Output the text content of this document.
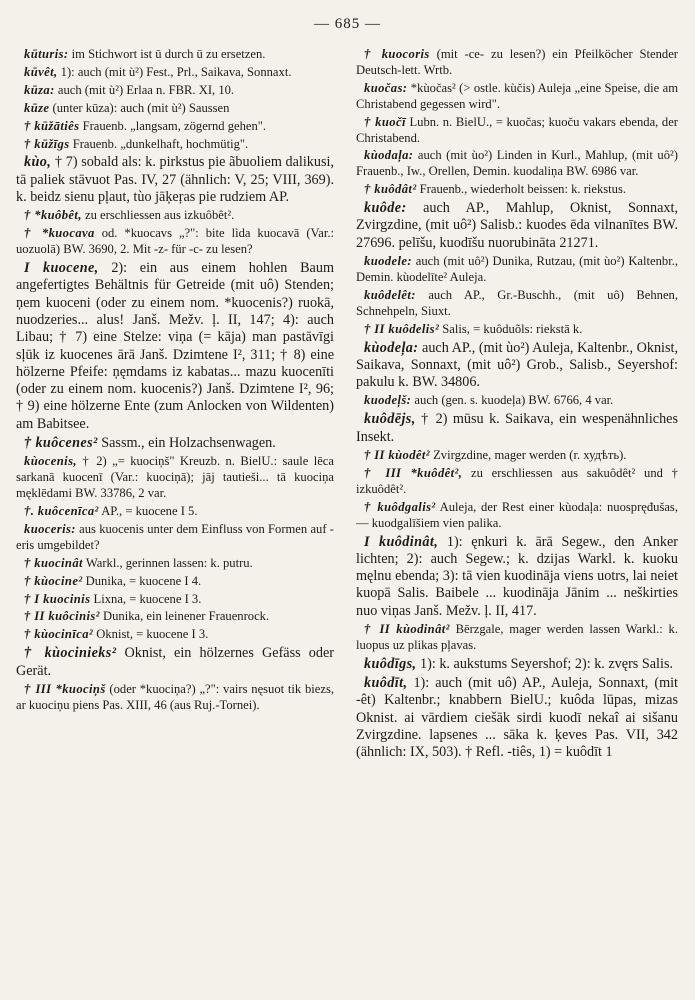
— 685 —

kūturis: im Stichwort ist ū durch ū zu ersetzen.

kūvêt, 1): auch (mit ù²) Fest., Prl., Saikava, Sonnaxt.

kūza: auch (mit ù²) Erlaa n. FBR. XI, 10.

kūze (unter kūza): auch (mit ù²) Saussen

† kūžātiês Frauenb. „langsam, zögernd gehen".

† kūžīgs Frauenb. „dunkelhaft, hochmütig".

kùo, † 7) sobald als: k. pirkstus pie ãbuoliem dalikusi, tā paliek stāvuot Pas. IV, 27 (ähnlich: V, 25; VIII, 369). k. beidz sienu pļaut, tùo jāķeŗas pie rudziem AP.

† *kuôbêt, zu erschliessen aus izkuôbêt².

† *kuocava od. *kuocavs „?": bite lìda kuocavā (Var.: uozuolā) BW. 3690, 2. Mit -z- für -c- zu lesen?

I kuocene, 2): ein aus einem hohlen Baum angefertigtes Behältnis für Getreide (mit uô) Stenden; ņem kuoceni (oder zu einem nom. *kuocenis?) ruokā, nuodzeries... alus! Janš. Mežv. ļ. II, 147; 4): auch Libau; † 7) eine Stelze: viņa (= kāja) man pastāvīgi sļūk iz kuocenes ārā Janš. Dzimtene I², 311; † 8) eine hölzerne Pfeife: ņęmdams iz kabatas... mazu kuocenīti (oder zu einem nom. kuocenis?) Janš. Dzimtene I², 96; † 9) eine hölzerne Ente (zum Anlocken von Wildenten) am Babitsee.

† kuôcenes² Sassm., ein Holzachsenwagen.

kùocenis, † 2) „= kuociņš" Kreuzb. n. BielU.: saule lēca sarkanā kuocenī (Var.: kuociņā); jāj tautieši... tā kuociņa męklēdami BW. 33786, 2 var.

†. kuôcenīca² AP., = kuocene I 5.

kuoceris: aus kuocenis unter dem Einfluss von Formen auf -eris umgebildet?

† kuocinât Warkl., gerinnen lassen: k. putru.

† kùocine² Dunika, = kuocene I 4.

† I kuocinis Lixna, = kuocene I 3.

† II kuôcinis² Dunika, ein leinener Frauenrock.

† kùocinīca² Oknist, = kuocene I 3.

† kùocinieks² Oknist, ein hölzernes Gefäss oder Gerät.

† III *kuociņš (oder *kuociņa?) „?": vairs nęsuot tik biezs, ar kuociņu piens Pas. XIII, 46 (aus Ruj.-Tornei).

† kuocoris (mit -ce- zu lesen?) ein Pfeilköcher Stender Deutsch-lett. Wrtb.

kuočas: *kùočas² (> ostle. kùčis) Auleja „eine Speise, die am Christabend gegessen wird".

† kuočī Lubn. n. BielU., = kuočas; kuoču vakars ebenda, der Christabend.

kùodaļa: auch (mit ùo²) Linden in Kurl., Mahlup, (mit uô²) Frauenb., Iw., Orellen, Demin. kuodaliņa BW. 6986 var.

† kuôdât² Frauenb., wiederholt beissen: k. riekstus.

kuôde: auch AP., Mahlup, Oknist, Sonnaxt, Zvirgzdine, (mit uô²) Salisb.: kuodes ēda vilnanītes BW. 27696. pelīšu, kuodīšu nuorubināta 21271.

kuodele: auch (mit uô²) Dunika, Rutzau, (mit ùo²) Kaltenbr., Demin. kùodelīte² Auleja.

kuôdelêt: auch AP., Gr.-Buschh., (mit uô) Behnen, Schnehpeln, Siuxt.

† II kuôdelis² Salis, = kuôduõls: riekstā k.

kùodeļa: auch AP., (mit ùo²) Auleja, Kaltenbr., Oknist, Saikava, Sonnaxt, (mit uô²) Grob., Salisb., Seyershof: pakulu k. BW. 34806.

kuodeļš: auch (gen. s. kuodeļa) BW. 6766, 4 var.

kuôdējs, † 2) mūsu k. Saikava, ein wespenähnliches Insekt.

† II kùodêt² Zvirgzdine, mager werden (r. худѣть).

† III *kuôdêt², zu erschliessen aus sakuôdêt² und † izkuôdêt².

† kuôdgalis² Auleja, der Rest einer kùodaļa: nuospręđušas, — kuodgalīšiem vien palika.

I kuôdinât, 1): ęnkuri k. ārā Segew., den Anker lichten; 2): auch Segew.; k. dzijas Warkl. k. kuoku męlnu ebenda; 3): tā vien kuodināja viens uotrs, lai neiet kuopā Salis. Baibele ... kuodināja Jānim ... neškirties nuo viņas Janš. Mežv. ļ. II, 417.

† II kùodinât² Bērzgale, mager werden lassen Warkl.: k. luopus uz plikas pļavas.

kuôdīgs, 1): k. aukstums Seyershof; 2): k. zvęrs Salis.

kuôdīt, 1): auch (mit uô) AP., Auleja, Sonnaxt, (mit -êt) Kaltenbr.; knabbern BielU.; kuôda lūpas, mizas Oknist. ai vārdiem ciešāk sirdi kuodī nekaî ai sišanu Zvirgzdine. lapsenes ... sāka k. ķeves Pas. VII, 342 (ähnlich: IX, 503). † Refl. -tiês, 1) = kuôdīt 1
